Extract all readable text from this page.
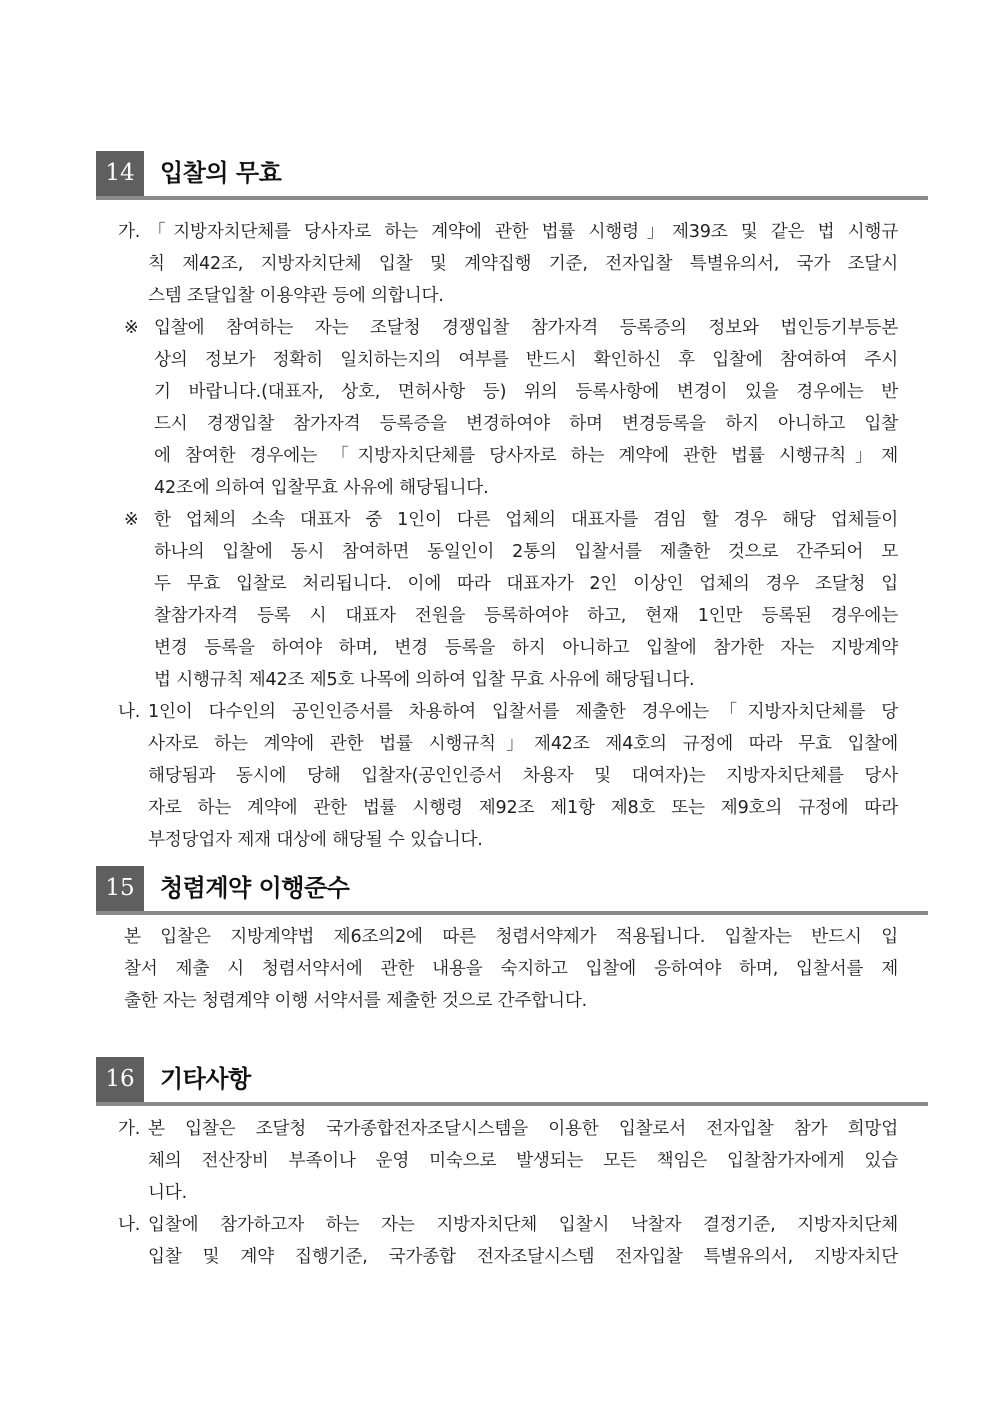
14	입찰의 무효
가. 「지방자치단체를 당사자로 하는 계약에 관한 법률 시행령」제39조 및 같은 법 시행규
칙 제42조, 지방자치단체 입찰 및 계약집행 기준, 전자입찰 특별유의서, 국가 조달시
스템 조달입찰 이용약관 등에 의합니다.
※ 입찰에 참여하는 자는 조달청 경쟁입찰 참가자격 등록증의 정보와 법인등기부등본
상의 정보가 정확히 일치하는지의 여부를 반드시 확인하신 후 입찰에 참여하여 주시
기 바랍니다.(대표자, 상호, 면허사항 등) 위의 등록사항에 변경이 있을 경우에는 반
드시 경쟁입찰 참가자격 등록증을 변경하여야 하며 변경등록을 하지 아니하고 입찰
에 참여한 경우에는 「지방자치단체를 당사자로 하는 계약에 관한 법률 시행규칙」제
42조에 의하여 입찰무효 사유에 해당됩니다.
※ 한 업체의 소속 대표자 중 1인이 다른 업체의 대표자를 겸임 할 경우 해당 업체들이
하나의 입찰에 동시 참여하면 동일인이 2통의 입찰서를 제출한 것으로 간주되어 모
두 무효 입찰로 처리됩니다. 이에 따라 대표자가 2인 이상인 업체의 경우 조달청 입
찰참가자격 등록 시 대표자 전원을 등록하여야 하고, 현재 1인만 등록된 경우에는
변경 등록을 하여야 하며, 변경 등록을 하지 아니하고 입찰에 참가한 자는 지방계약
법 시행규칙 제42조 제5호 나목에 의하여 입찰 무효 사유에 해당됩니다.
나. 1인이 다수인의 공인인증서를 차용하여 입찰서를 제출한 경우에는「지방자치단체를 당
사자로 하는 계약에 관한 법률 시행규칙」제42조 제4호의 규정에 따라 무효 입찰에
해당됨과 동시에 당해 입찰자(공인인증서 차용자 및 대여자)는 지방자치단체를 당사
자로 하는 계약에 관한 법률 시행령 제92조 제1항 제8호 또는 제9호의 규정에 따라
부정당업자 제재 대상에 해당될 수 있습니다.
15	청렴계약 이행준수
본 입찰은 지방계약법 제6조의2에 따른 청렴서약제가 적용됩니다. 입찰자는 반드시 입
찰서 제출 시 청렴서약서에 관한 내용을 숙지하고 입찰에 응하여야 하며, 입찰서를 제
출한 자는 청렴계약 이행 서약서를 제출한 것으로 간주합니다.
16	기타사항
가. 본 입찰은 조달청 국가종합전자조달시스템을 이용한 입찰로서 전자입찰 참가 희망업
체의 전산장비 부족이나 운영 미숙으로 발생되는 모든 책임은 입찰참가자에게 있습
니다.
나. 입찰에 참가하고자 하는 자는 지방자치단체 입찰시 낙찰자 결정기준, 지방자치단체
입찰 및 계약 집행기준, 국가종합 전자조달시스템 전자입찰 특별유의서, 지방자치단
